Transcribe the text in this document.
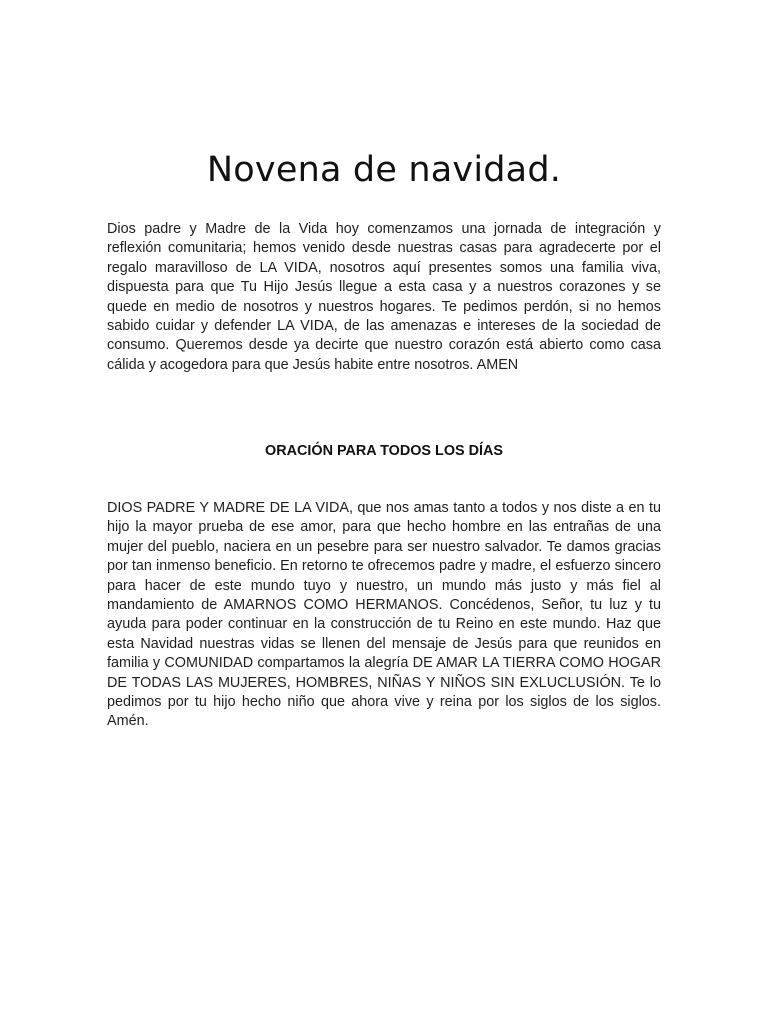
Novena de navidad.

Dios padre y Madre de la Vida hoy comenzamos una jornada de integración y reflexión comunitaria; hemos venido desde nuestras casas para agradecerte por el regalo maravilloso de LA VIDA, nosotros aquí presentes somos una familia viva, dispuesta para que Tu Hijo Jesús llegue a esta casa y a nuestros corazones y se quede en medio de nosotros y nuestros hogares. Te pedimos perdón, si no hemos sabido cuidar y defender LA VIDA, de las amenazas e intereses de la sociedad de consumo. Queremos desde ya decirte que nuestro corazón está abierto como casa cálida y acogedora para que Jesús habite entre nosotros. AMEN

ORACIÓN PARA TODOS LOS DÍAS

DIOS PADRE Y MADRE DE LA VIDA, que nos amas tanto a todos y nos diste a en tu hijo la mayor prueba de ese amor, para que hecho hombre en las entrañas de una mujer del pueblo, naciera en un pesebre para ser nuestro salvador. Te damos gracias por tan inmenso beneficio. En retorno te ofrecemos padre y madre, el esfuerzo sincero para hacer de este mundo tuyo y nuestro, un mundo más justo y más fiel al mandamiento de AMARNOS COMO HERMANOS. Concédenos, Señor, tu luz y tu ayuda para poder continuar en la construcción de tu Reino en este mundo. Haz que esta Navidad nuestras vidas se llenen del mensaje de Jesús para que reunidos en familia y COMUNIDAD compartamos la alegría DE AMAR LA TIERRA COMO HOGAR DE TODAS LAS MUJERES, HOMBRES, NIÑAS Y NIÑOS SIN EXLUCLUSIÓN. Te lo pedimos por tu hijo hecho niño que ahora vive y reina por los siglos de los siglos. Amén.
